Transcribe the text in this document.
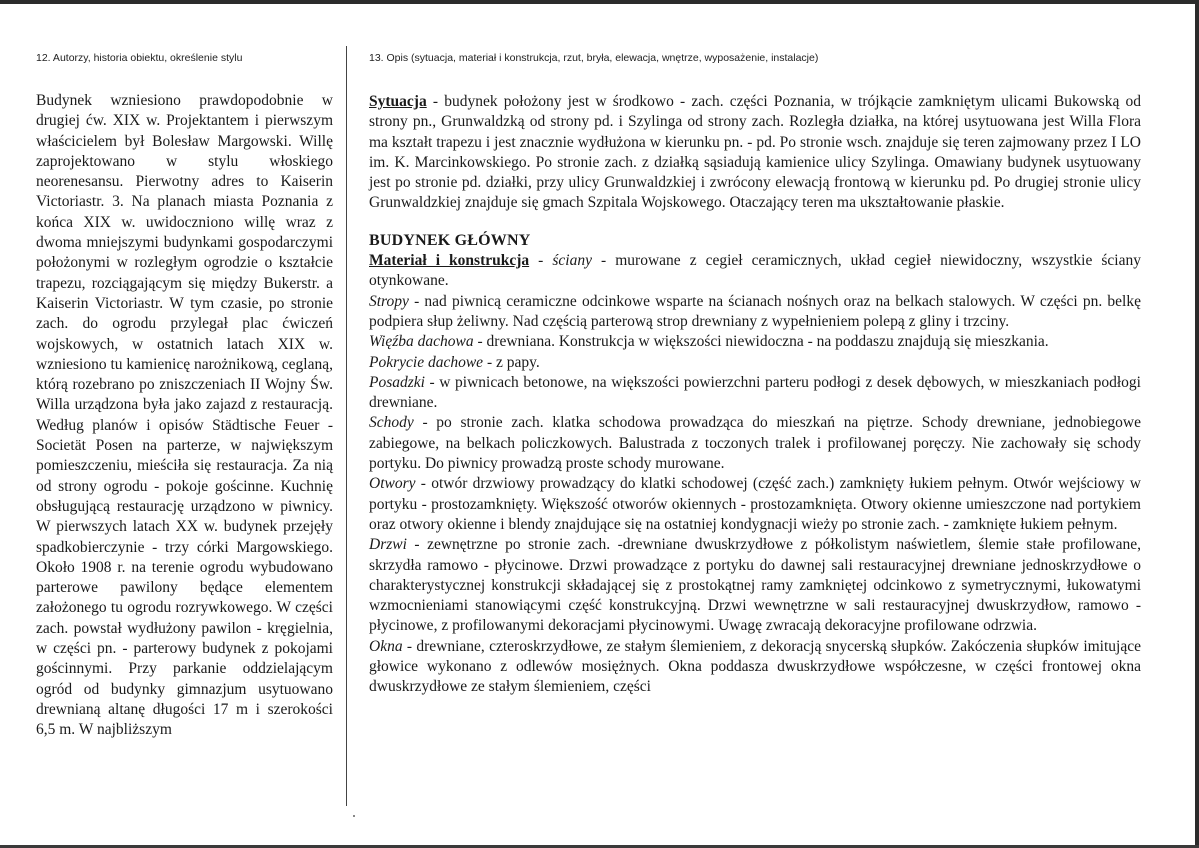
12. Autorzy, historia obiektu, określenie stylu	13. Opis (sytuacja, materiał i konstrukcja, rzut, bryła, elewacja, wnętrze, wyposażenie, instalacje)
Budynek wzniesiono prawdopodobnie w drugiej ćw. XIX w. Projektantem i pierwszym właścicielem był Bolesław Margowski. Willę zaprojektowano w stylu włoskiego neorenesansu. Pierwotny adres to Kaiserin Victoriastr. 3. Na planach miasta Poznania z końca XIX w. uwidoczniono willę wraz z dwoma mniejszymi budynkami gospodarczymi położonymi w rozległym ogrodzie o kształcie trapezu, rozciągającym się między Bukerstr. a Kaiserin Victoriastr. W tym czasie, po stronie zach. do ogrodu przylegał plac ćwiczeń wojskowych, w ostatnich latach XIX w. wzniesiono tu kamienicę narożnikową, ceglaną, którą rozebrano po zniszczeniach II Wojny Św. Willa urządzona była jako zajazd z restauracją. Według planów i opisów Städtische Feuer - Societät Posen na parterze, w największym pomieszczeniu, mieściła się restauracja. Za nią od strony ogrodu - pokoje gościnne. Kuchnię obsługującą restaurację urządzono w piwnicy. W pierwszych latach XX w. budynek przejęły spadkobierczynie - trzy córki Margowskiego. Około 1908 r. na terenie ogrodu wybudowano parterowe pawilony będące elementem założonego tu ogrodu rozrywkowego. W części zach. powstał wydłużony pawilon - kręgielnia, w części pn. - parterowy budynek z pokojami gościnnymi. Przy parkanie oddzielającym ogród od budynky gimnazjum usytuowano drewnianą altanę długości 17 m i szerokości 6,5 m. W najbliższym

Sytuacja - budynek położony jest w środkowo - zach. części Poznania, w trójkącie zamkniętym ulicami Bukowską od strony pn., Grunwaldzką od strony pd. i Szylinga od strony zach. Rozległa działka, na której usytuowana jest Willa Flora ma kształt trapezu i jest znacznie wydłużona w kierunku pn. - pd. Po stronie wsch. znajduje się teren zajmowany przez I LO im. K. Marcinkowskiego. Po stronie zach. z działką sąsiadują kamienice ulicy Szylinga. Omawiany budynek usytuowany jest po stronie pd. działki, przy ulicy Grunwaldzkiej i zwrócony elewacją frontową w kierunku pd. Po drugiej stronie ulicy Grunwaldzkiej znajduje się gmach Szpitala Wojskowego. Otaczający teren ma ukształtowanie płaskie.

BUDYNEK GŁÓWNY

Materiał i konstrukcja - ściany - murowane z cegieł ceramicznych, układ cegieł niewidoczny, wszystkie ściany otynkowane.

Stropy - nad piwnicą ceramiczne odcinkowe wsparte na ścianach nośnych oraz na belkach stalowych. W części pn. belkę podpiera słup żeliwny. Nad częścią parterową strop drewniany z wypełnieniem polepą z gliny i trzciny.

Więźba dachowa - drewniana. Konstrukcja w większości niewidoczna - na poddaszu znajdują się mieszkania.

Pokrycie dachowe - z papy.

Posadzki - w piwnicach betonowe, na większości powierzchni parteru podłogi z desek dębowych, w mieszkaniach podłogi drewniane.

Schody - po stronie zach. klatka schodowa prowadząca do mieszkań na piętrze. Schody drewniane, jednobiegowe zabiegowe, na belkach policzkowych. Balustrada z toczonych tralek i profilowanej poręczy. Nie zachowały się schody portyku. Do piwnicy prowadzą proste schody murowane.

Otwory - otwór drzwiowy prowadzący do klatki schodowej (część zach.) zamknięty łukiem pełnym. Otwór wejściowy w portyku - prostozamknięty. Większość otworów okiennych - prostozamknięta. Otwory okienne umieszczone nad portykiem oraz otwory okienne i blendy znajdujące się na ostatniej kondygnacji wieży po stronie zach. - zamknięte łukiem pełnym.

Drzwi - zewnętrzne po stronie zach. -drewniane dwuskrzydłowe z półkolistym naświetlem, ślemie stałe profilowane, skrzydła ramowo - płycinowe. Drzwi prowadzące z portyku do dawnej sali restauracyjnej drewniane jednoskrzydłowe o charakterystycznej konstrukcji składającej się z prostokątnej ramy zamkniętej odcinkowo z symetrycznymi, łukowatymi wzmocnieniami stanowiącymi część konstrukcyjną. Drzwi wewnętrzne w sali restauracyjnej dwuskrzydłow, ramowo - płycinowe, z profilowanymi dekoracjami płycinowymi. Uwagę zwracają dekoracyjne profilowane odrzwia.

Okna - drewniane, czteroskrzydłowe, ze stałym ślemieniem, z dekoracją snycerską słupków. Zakóczenia słupków imitujące głowice wykonano z odlewów mosiężnych. Okna poddasza dwuskrzydłowe współczesne, w części frontowej okna dwuskrzydłowe ze stałym ślemieniem, części
